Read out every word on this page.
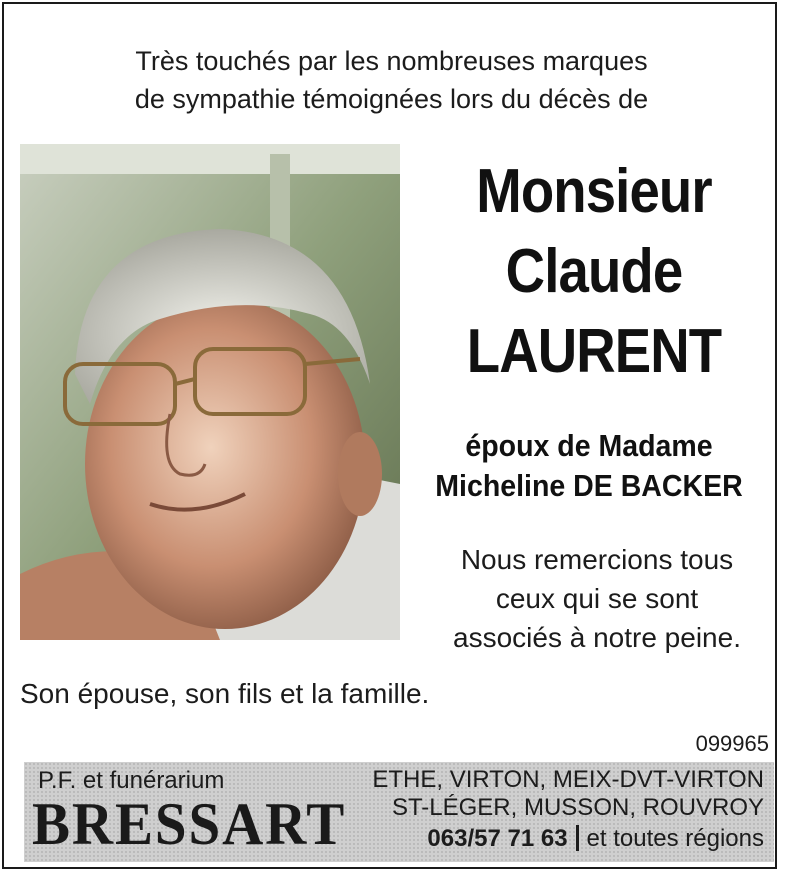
Très touchés par les nombreuses marques
de sympathie témoignées lors du décès de
Monsieur
Claude
LAURENT
époux de Madame
Micheline DE BACKER
Nous remercions tous
ceux qui se sont
associés à notre peine.
Son épouse, son fils et la famille.
099965
P.F. et funérarium
BRESSART
ETHE, VIRTON, MEIX-DVT-VIRTON
ST-LÉGER, MUSSON, ROUVROY
063/57 71 63 et toutes régions
